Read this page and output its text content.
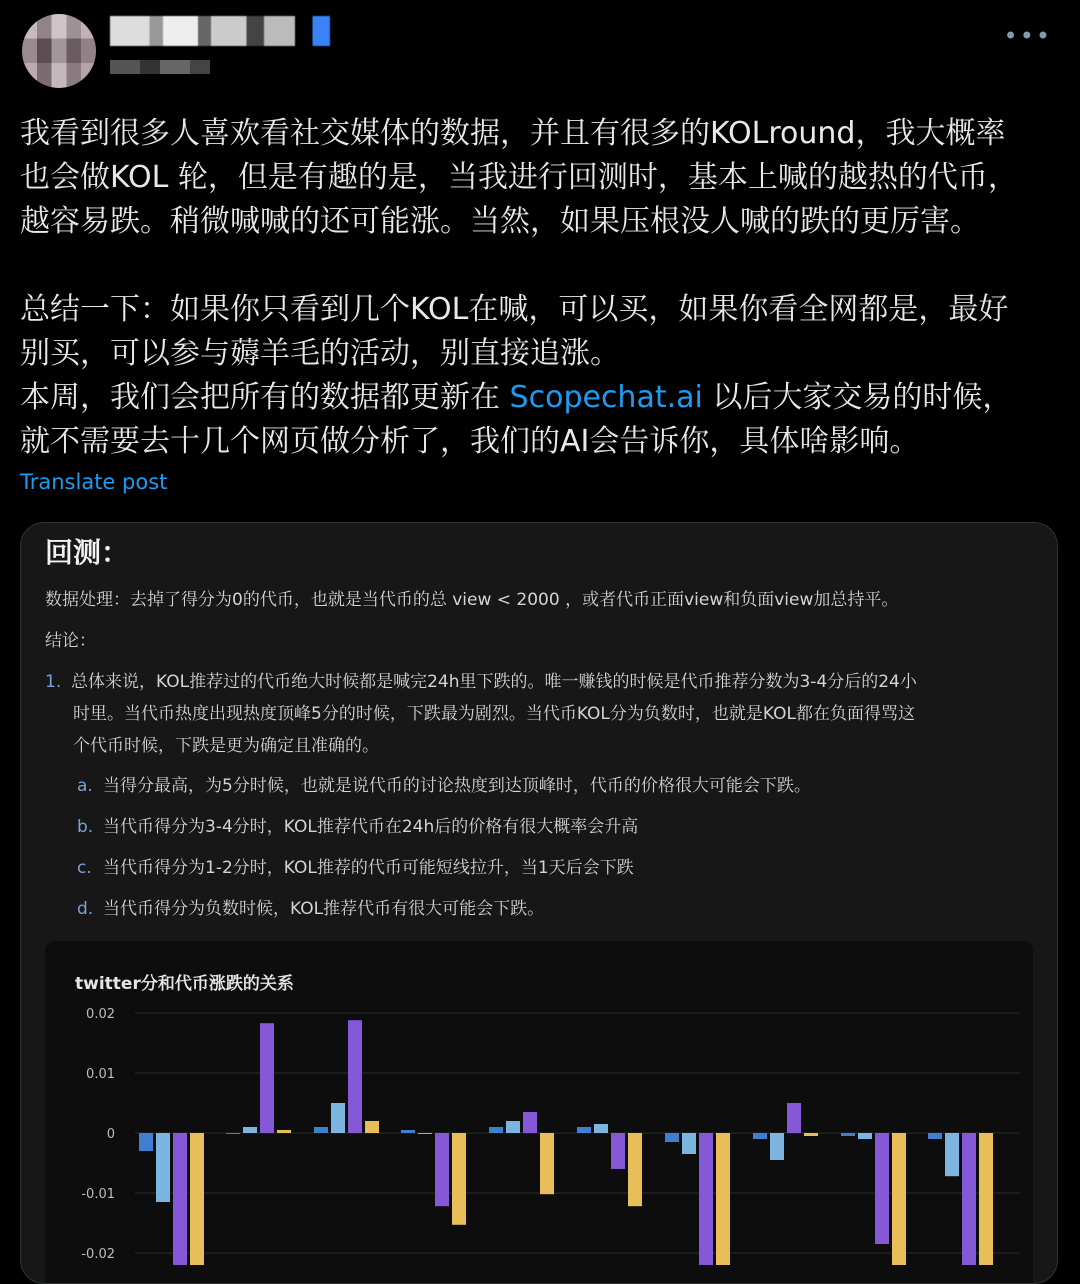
•••

我看到很多人喜欢看社交媒体的数据，并且有很多的KOLround，我大概率

也会做KOL 轮，但是有趣的是，当我进行回测时，基本上喊的越热的代币，

越容易跌。稍微喊喊的还可能涨。当然，如果压根没人喊的跌的更厉害。

总结一下：如果你只看到几个KOL在喊，可以买，如果你看全网都是，最好

别买，可以参与薅羊毛的活动，别直接追涨。

本周，我们会把所有的数据都更新在 Scopechat.ai 以后大家交易的时候，

就不需要去十几个网页做分析了，我们的AI会告诉你，具体啥影响。

Translate post
回测：
数据处理：去掉了得分为0的代币，也就是当代币的总 view < 2000 ，或者代币正面view和负面view加总持平。
结论：
1. 总体来说，KOL推荐过的代币绝大时候都是喊完24h里下跌的。唯一赚钱的时候是代币推荐分数为3-4分后的24小
时里。当代币热度出现热度顶峰5分的时候，下跌最为剧烈。当代币KOL分为负数时，也就是KOL都在负面得骂这
个代币时候，下跌是更为确定且准确的。
a. 当得分最高，为5分时候，也就是说代币的讨论热度到达顶峰时，代币的价格很大可能会下跌。
b. 当代币得分为3-4分时，KOL推荐代币在24h后的价格有很大概率会升高
c. 当代币得分为1-2分时，KOL推荐的代币可能短线拉升，当1天后会下跌
d. 当代币得分为负数时候，KOL推荐代币有很大可能会下跌。
twitter分和代币涨跌的关系
0.02
0.01
0
-0.01
-0.02
